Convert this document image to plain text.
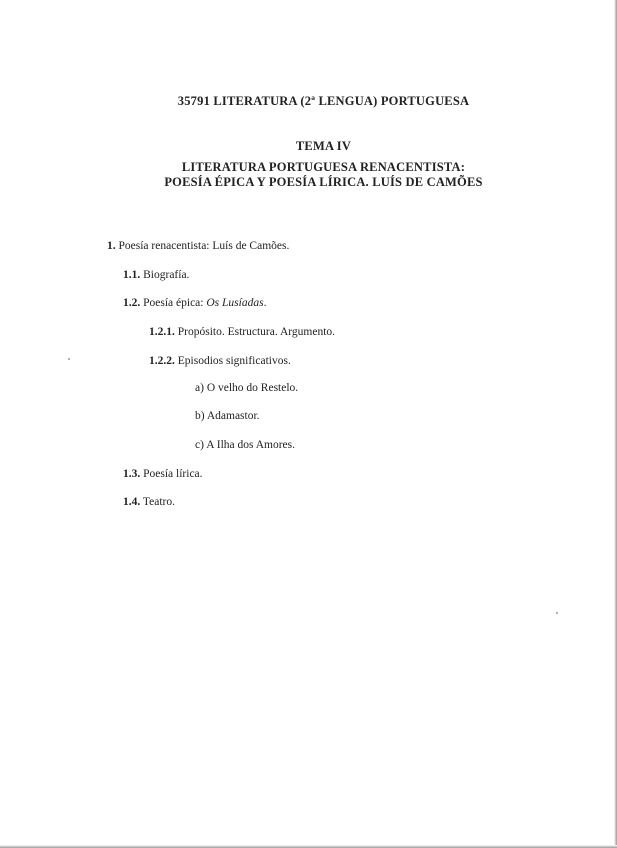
35791 LITERATURA (2ª LENGUA) PORTUGUESA
TEMA IV
LITERATURA PORTUGUESA RENACENTISTA:
POESÍA ÉPICA Y POESÍA LÍRICA. LUÍS DE CAMÕES
1. Poesía renacentista: Luís de Camões.
1.1. Biografía.
1.2. Poesía épica: Os Lusíadas.
1.2.1. Propósito. Estructura. Argumento.
1.2.2. Episodios significativos.
a) O velho do Restelo.
b) Adamastor.
c) A Ilha dos Amores.
1.3. Poesía lírica.
1.4. Teatro.
